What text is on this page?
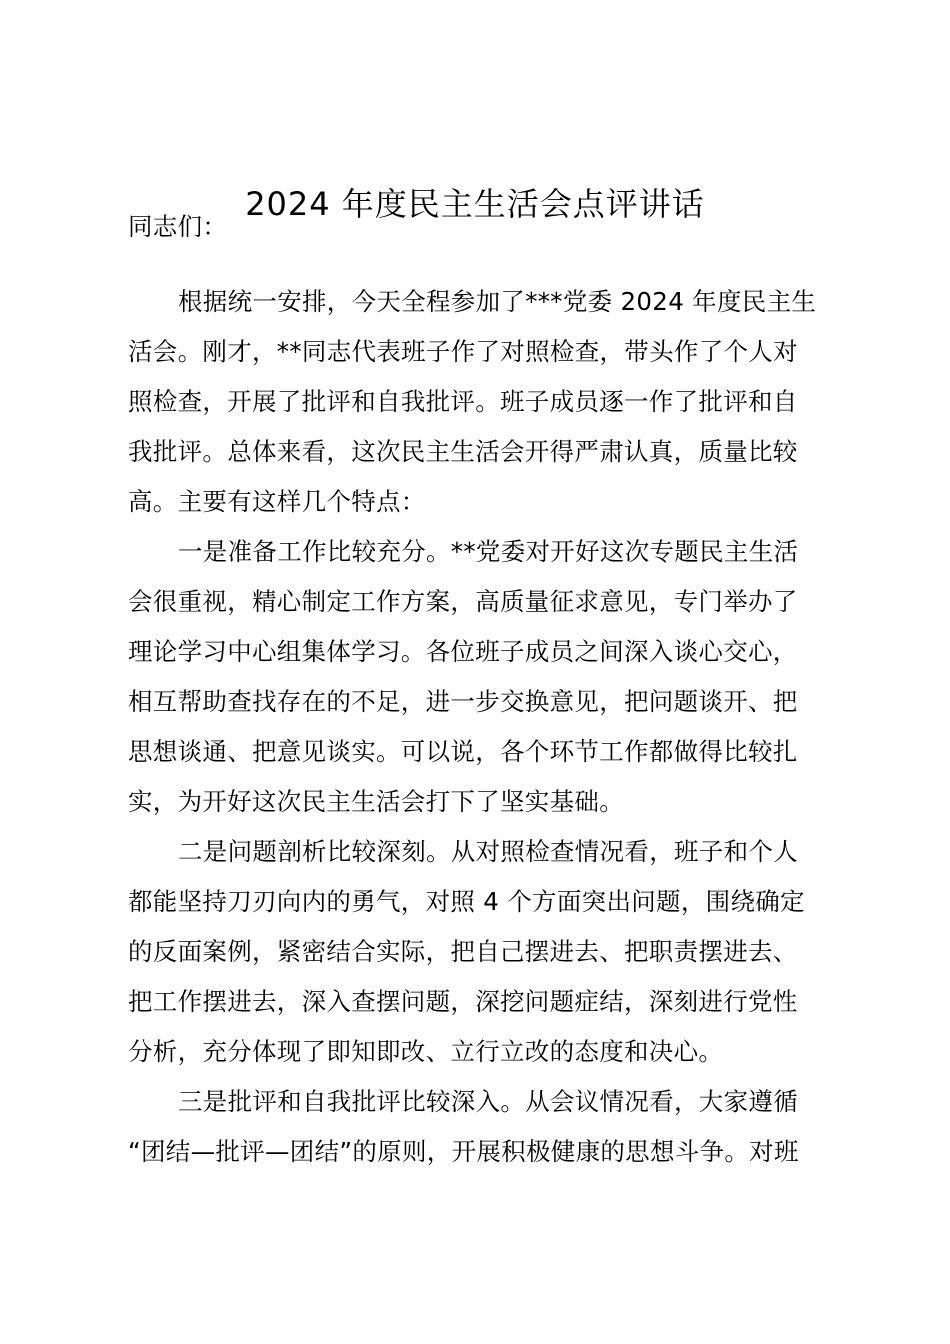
2024 年度民主生活会点评讲话
同志们：
根据统一安排，今天全程参加了***党委 2024 年度民主生
活会。刚才，**同志代表班子作了对照检查，带头作了个人对
照检查，开展了批评和自我批评。班子成员逐一作了批评和自
我批评。总体来看，这次民主生活会开得严肃认真，质量比较
高。主要有这样几个特点：
一是准备工作比较充分。**党委对开好这次专题民主生活
会很重视，精心制定工作方案，高质量征求意见，专门举办了
理论学习中心组集体学习。各位班子成员之间深入谈心交心，
相互帮助查找存在的不足，进一步交换意见，把问题谈开、把
思想谈通、把意见谈实。可以说，各个环节工作都做得比较扎
实，为开好这次民主生活会打下了坚实基础。
二是问题剖析比较深刻。从对照检查情况看，班子和个人
都能坚持刀刃向内的勇气，对照 4 个方面突出问题，围绕确定
的反面案例，紧密结合实际，把自己摆进去、把职责摆进去、
把工作摆进去，深入查摆问题，深挖问题症结，深刻进行党性
分析，充分体现了即知即改、立行立改的态度和决心。
三是批评和自我批评比较深入。从会议情况看，大家遵循
“团结—批评—团结”的原则，开展积极健康的思想斗争。对班
